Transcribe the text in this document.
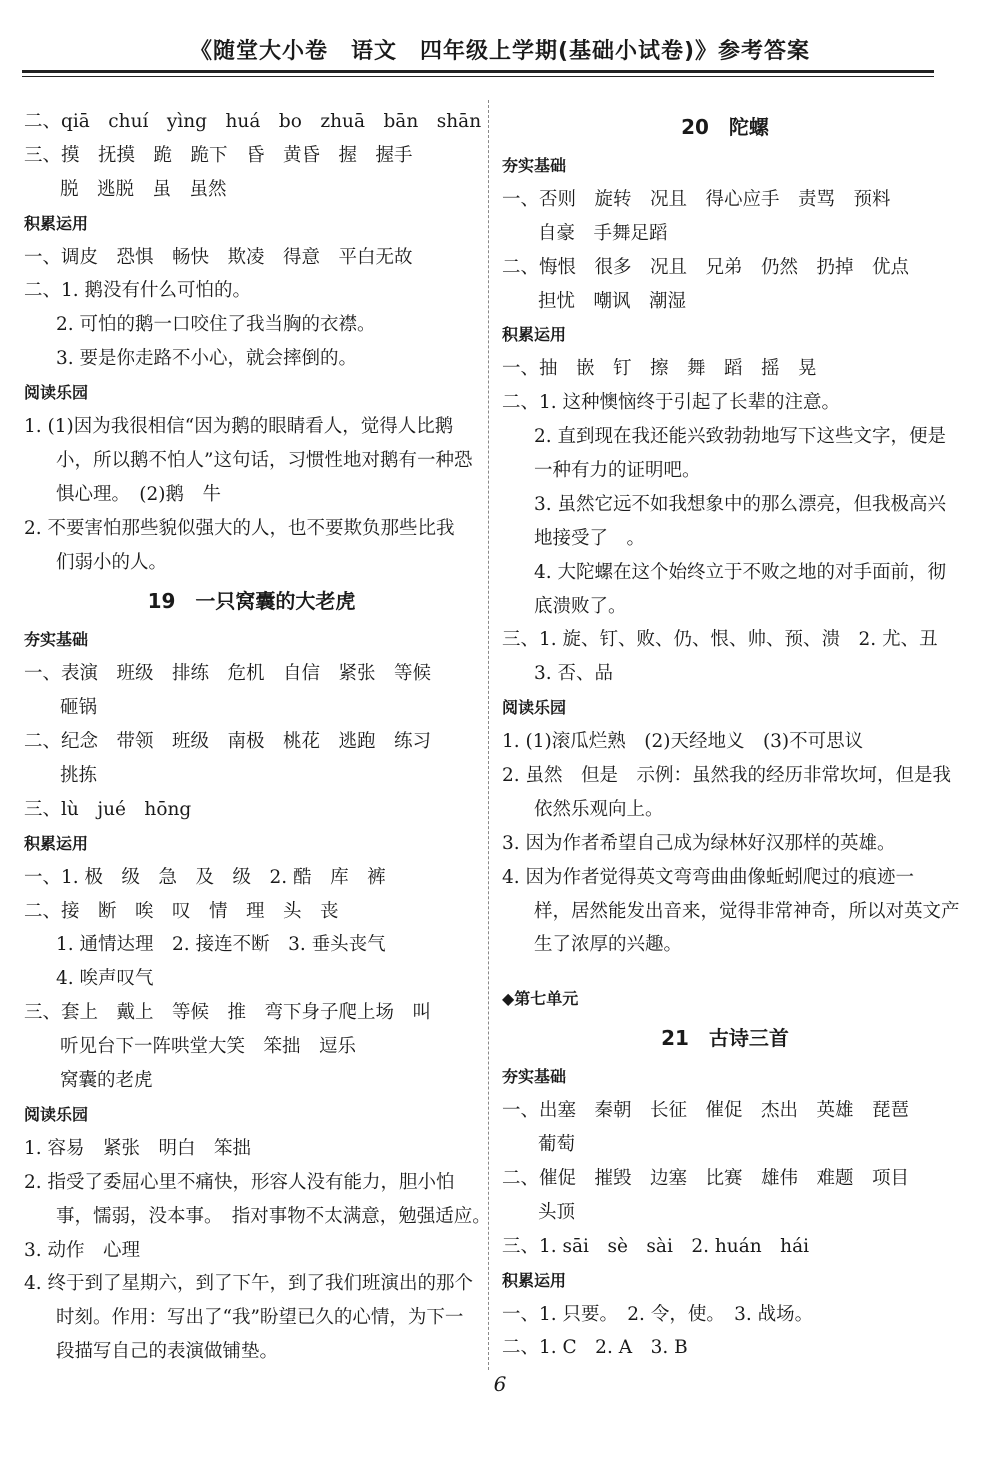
《随堂大小卷　语文　四年级上学期(基础小试卷)》参考答案
二、qiā　chuí　yìng　huá　bo　zhuā　bān　shān
三、摸　抚摸　跪　跪下　昏　黄昏　握　握手
脱　逃脱　虽　虽然
积累运用
一、调皮　恐惧　畅快　欺凌　得意　平白无故
二、1. 鹅没有什么可怕的。
2. 可怕的鹅一口咬住了我当胸的衣襟。
3. 要是你走路不小心，就会摔倒的。
阅读乐园
1. (1)因为我很相信“因为鹅的眼睛看人，觉得人比鹅
小，所以鹅不怕人”这句话，习惯性地对鹅有一种恐
惧心理。　(2)鹅　牛
2. 不要害怕那些貌似强大的人，也不要欺负那些比我
们弱小的人。
19　一只窝囊的大老虎
夯实基础
一、表演　班级　排练　危机　自信　紧张　等候
砸锅
二、纪念　带领　班级　南极　桃花　逃跑　练习
挑拣
三、lù　jué　hōng
积累运用
一、1. 极　级　急　及　级　2. 酷　库　裤
二、接　断　唉　叹　情　理　头　丧
1. 通情达理　2. 接连不断　3. 垂头丧气
4. 唉声叹气
三、套上　戴上　等候　推　弯下身子爬上场　叫
听见台下一阵哄堂大笑　笨拙　逗乐
窝囊的老虎
阅读乐园
1. 容易　紧张　明白　笨拙
2. 指受了委屈心里不痛快，形容人没有能力，胆小怕
事，懦弱，没本事。　指对事物不太满意，勉强适应。
3. 动作　心理
4. 终于到了星期六，到了下午，到了我们班演出的那个
时刻。作用：写出了“我”盼望已久的心情，为下一
段描写自己的表演做铺垫。
20　陀螺
夯实基础
一、否则　旋转　况且　得心应手　责骂　预料
自豪　手舞足蹈
二、悔恨　很多　况且　兄弟　仍然　扔掉　优点
担忧　嘲讽　潮湿
积累运用
一、抽　嵌　钉　擦　舞　蹈　摇　晃
二、1. 这种懊恼终于引起了长辈的注意。
2. 直到现在我还能兴致勃勃地写下这些文字，便是
一种有力的证明吧。
3. 虽然它远不如我想象中的那么漂亮，但我极高兴
地接受了　。
4. 大陀螺在这个始终立于不败之地的对手面前，彻
底溃败了。
三、1. 旋、钉、败、仍、恨、帅、预、溃　2. 尤、丑
3. 否、品
阅读乐园
1. (1)滚瓜烂熟　(2)天经地义　(3)不可思议
2. 虽然　但是　示例：虽然我的经历非常坎坷，但是我
依然乐观向上。
3. 因为作者希望自己成为绿林好汉那样的英雄。
4. 因为作者觉得英文弯弯曲曲像蚯蚓爬过的痕迹一
样，居然能发出音来，觉得非常神奇，所以对英文产
生了浓厚的兴趣。
◆第七单元
21　古诗三首
夯实基础
一、出塞　秦朝　长征　催促　杰出　英雄　琵琶
葡萄
二、催促　摧毁　边塞　比赛　雄伟　难题　项目
头顶
三、1. sāi　sè　sài　2. huán　hái
积累运用
一、1. 只要。　2. 令，使。　3. 战场。
二、1. C　2. A　3. B
6
